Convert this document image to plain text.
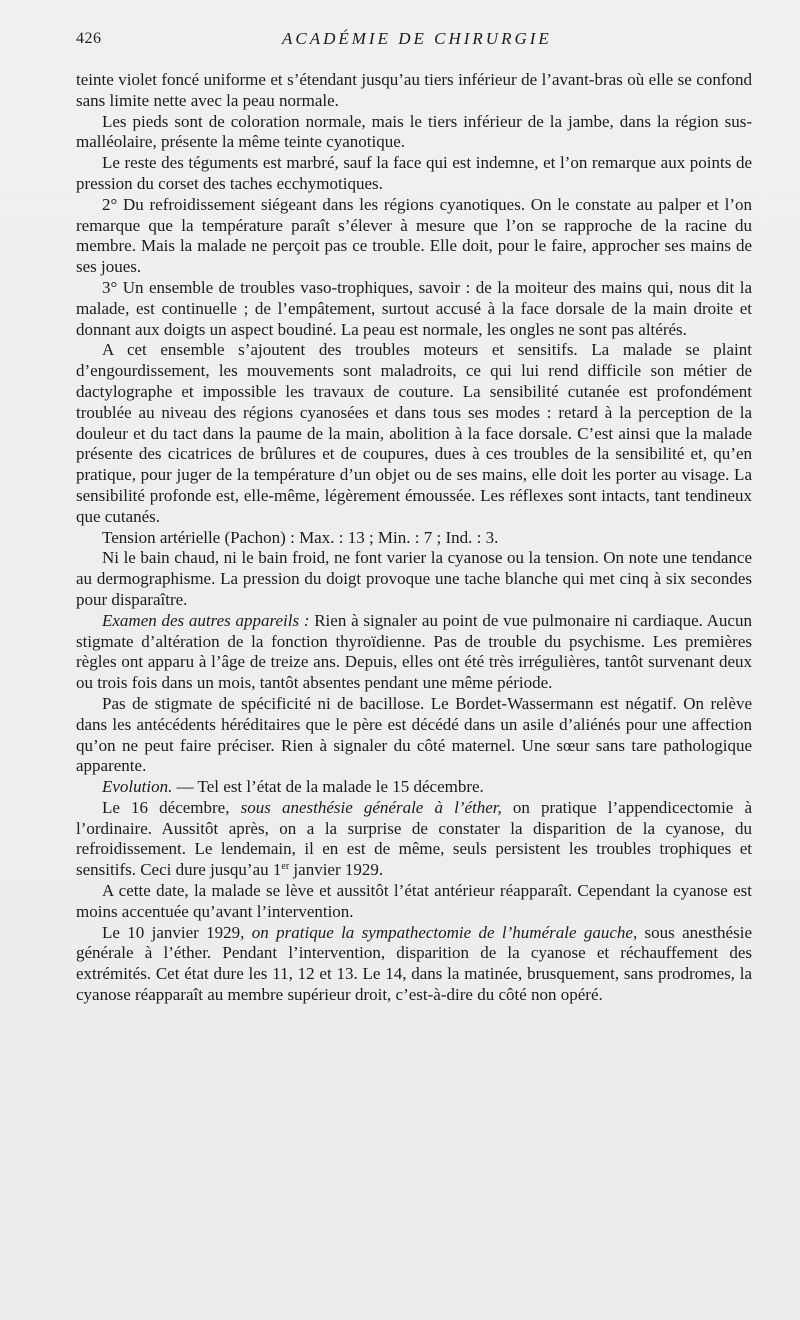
426	ACADÉMIE DE CHIRURGIE

teinte violet foncé uniforme et s’étendant jusqu’au tiers inférieur de l’avant-bras où elle se confond sans limite nette avec la peau normale.

Les pieds sont de coloration normale, mais le tiers inférieur de la jambe, dans la région sus-malléolaire, présente la même teinte cyanotique.

Le reste des téguments est marbré, sauf la face qui est indemne, et l’on remarque aux points de pression du corset des taches ecchymotiques.

2° Du refroidissement siégeant dans les régions cyanotiques. On le constate au palper et l’on remarque que la température paraît s’élever à mesure que l’on se rapproche de la racine du membre. Mais la malade ne perçoit pas ce trouble. Elle doit, pour le faire, approcher ses mains de ses joues.

3° Un ensemble de troubles vaso-trophiques, savoir : de la moiteur des mains qui, nous dit la malade, est continuelle ; de l’empâtement, surtout accusé à la face dorsale de la main droite et donnant aux doigts un aspect boudiné. La peau est normale, les ongles ne sont pas altérés.

A cet ensemble s’ajoutent des troubles moteurs et sensitifs. La malade se plaint d’engourdissement, les mouvements sont maladroits, ce qui lui rend difficile son métier de dactylographe et impossible les travaux de couture. La sensibilité cutanée est profondément troublée au niveau des régions cyanosées et dans tous ses modes : retard à la perception de la douleur et du tact dans la paume de la main, abolition à la face dorsale. C’est ainsi que la malade présente des cicatrices de brûlures et de coupures, dues à ces troubles de la sensibilité et, qu’en pratique, pour juger de la température d’un objet ou de ses mains, elle doit les porter au visage. La sensibilité profonde est, elle-même, légèrement émoussée. Les réflexes sont intacts, tant tendineux que cutanés.

Tension artérielle (Pachon) : Max. : 13 ; Min. : 7 ; Ind. : 3.

Ni le bain chaud, ni le bain froid, ne font varier la cyanose ou la tension. On note une tendance au dermographisme. La pression du doigt provoque une tache blanche qui met cinq à six secondes pour disparaître.

Examen des autres appareils : Rien à signaler au point de vue pulmonaire ni cardiaque. Aucun stigmate d’altération de la fonction thyroïdienne. Pas de trouble du psychisme. Les premières règles ont apparu à l’âge de treize ans. Depuis, elles ont été très irrégulières, tantôt survenant deux ou trois fois dans un mois, tantôt absentes pendant une même période.

Pas de stigmate de spécificité ni de bacillose. Le Bordet-Wassermann est négatif. On relève dans les antécédents héréditaires que le père est décédé dans un asile d’aliénés pour une affection qu’on ne peut faire préciser. Rien à signaler du côté maternel. Une sœur sans tare pathologique apparente.

Evolution. — Tel est l’état de la malade le 15 décembre.

Le 16 décembre, sous anesthésie générale à l’éther, on pratique l’appendicectomie à l’ordinaire. Aussitôt après, on a la surprise de constater la disparition de la cyanose, du refroidissement. Le lendemain, il en est de même, seuls persistent les troubles trophiques et sensitifs. Ceci dure jusqu’au 1er janvier 1929.

A cette date, la malade se lève et aussitôt l’état antérieur réapparaît. Cependant la cyanose est moins accentuée qu’avant l’intervention.

Le 10 janvier 1929, on pratique la sympathectomie de l’humérale gauche, sous anesthésie générale à l’éther. Pendant l’intervention, disparition de la cyanose et réchauffement des extrémités. Cet état dure les 11, 12 et 13. Le 14, dans la matinée, brusquement, sans prodromes, la cyanose réapparaît au membre supérieur droit, c’est-à-dire du côté non opéré.
